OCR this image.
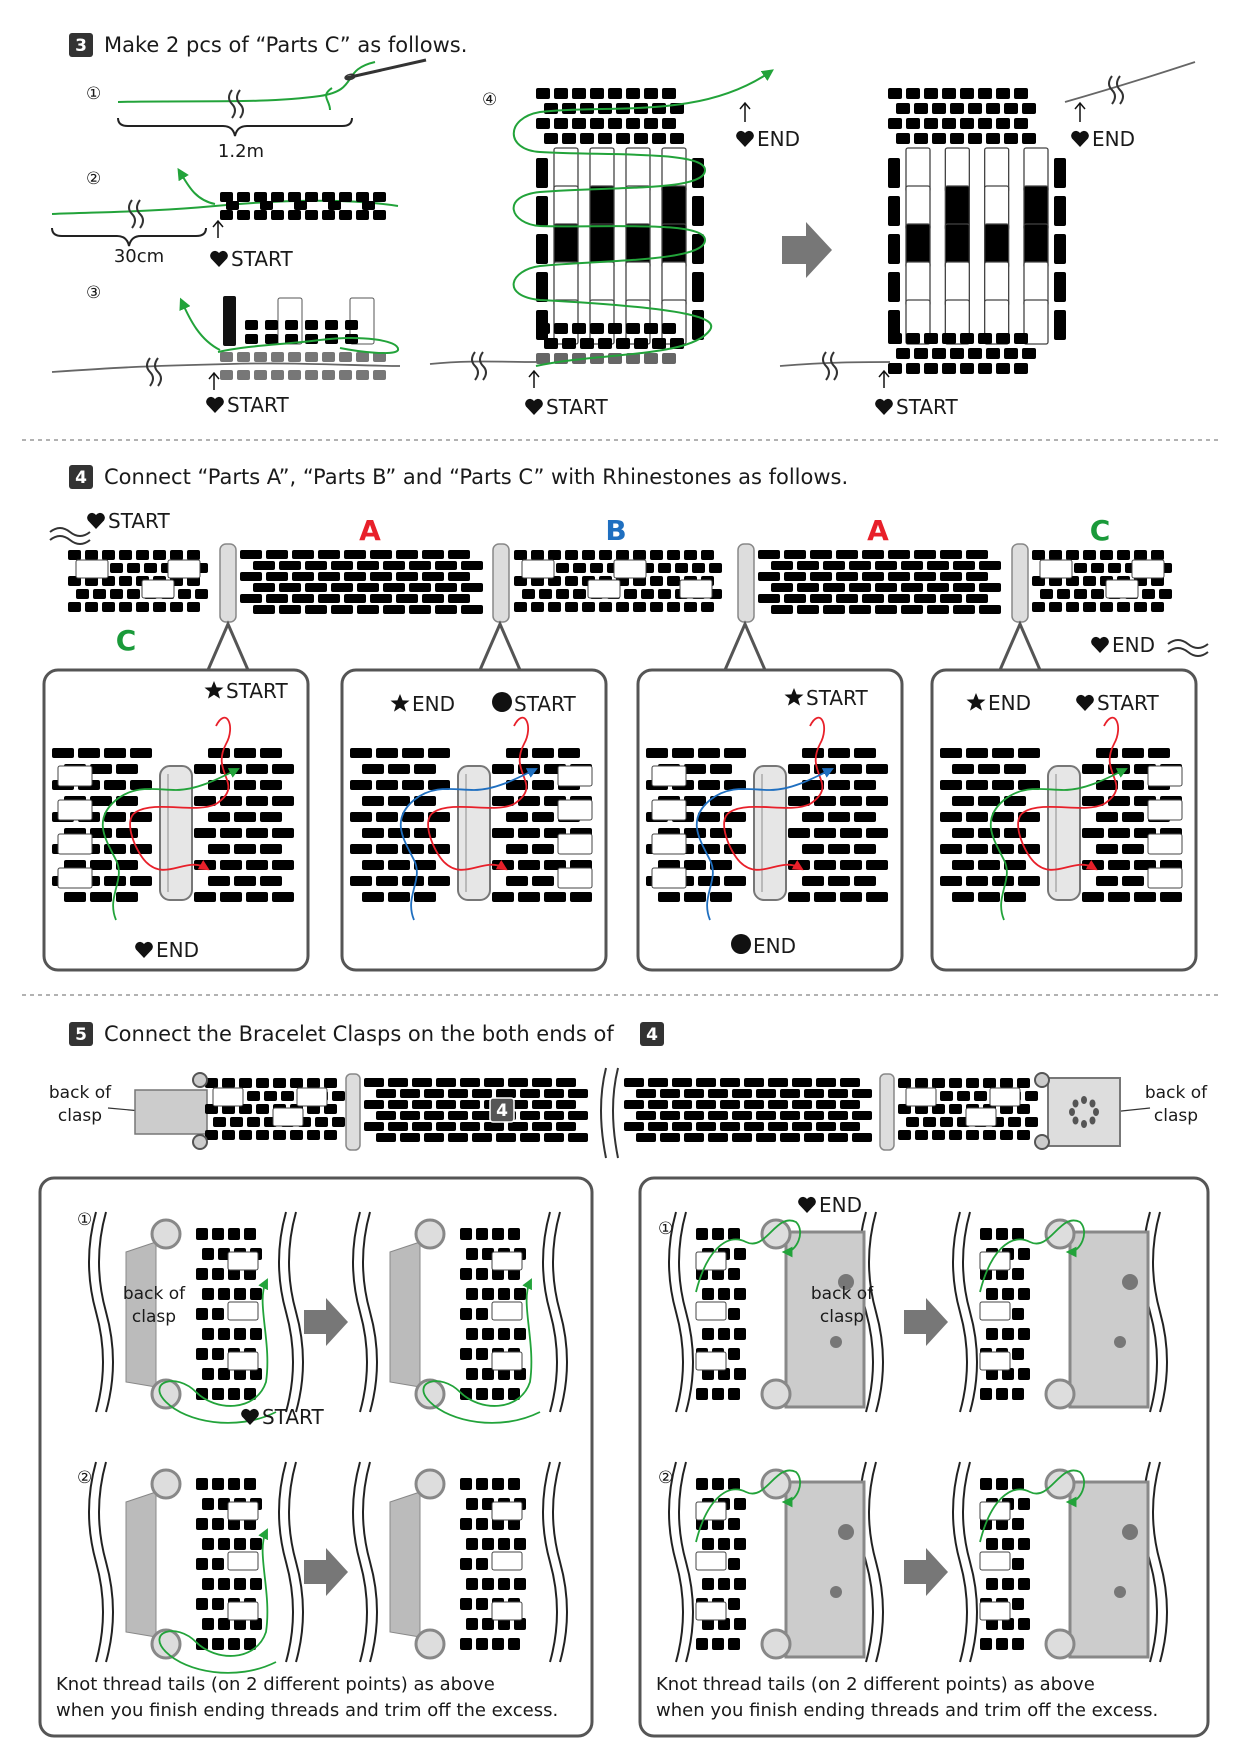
3 Make 2 pcs of “Parts C” as follows.
①
1.2m
②
30cm	START
③
START
④
START
END
START
END
4 Connect “Parts A”, “Parts B” and “Parts C” with Rhinestones as follows.
START	A	B	A	C
C	END
START
END
END	START	START
END
END	START
5 Connect the Bracelet Clasps on the both ends of 4
back of
clasp
back of
clasp
4
①
②
back of
clasp
START
Knot thread tails (on 2 different points) as above
when you finish ending threads and trim off the excess.
①
②
back of
clasp
END
Knot thread tails (on 2 different points) as above
when you finish ending threads and trim off the excess.
